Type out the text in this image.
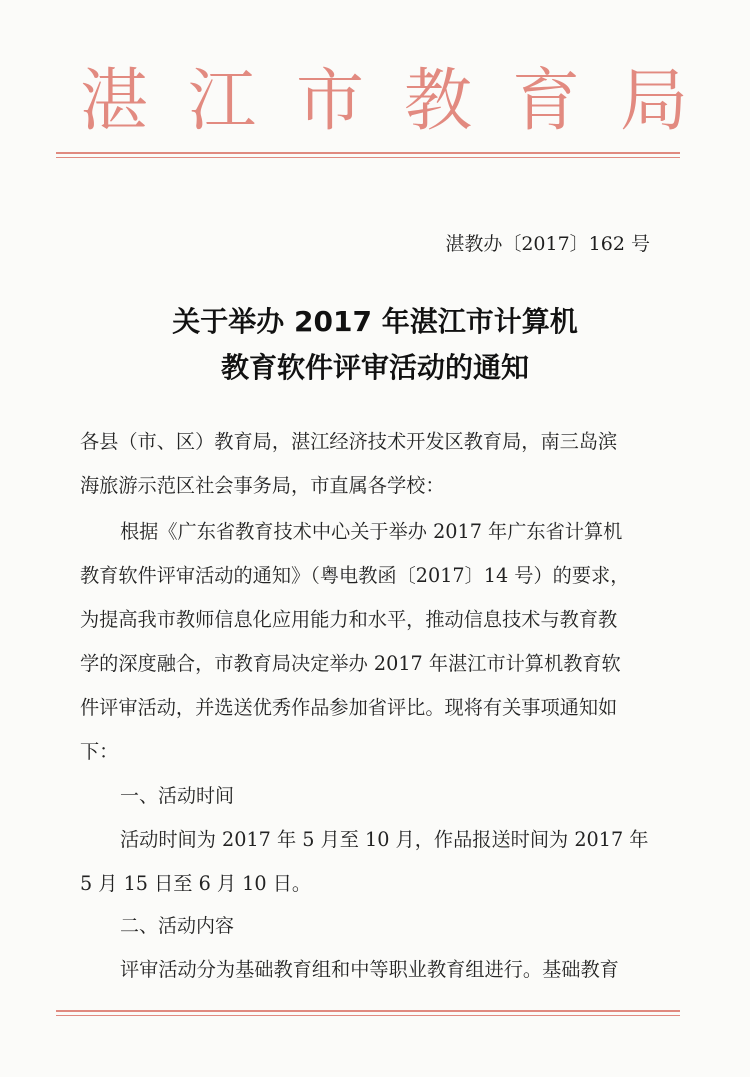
湛 江 市 教 育 局
湛教办〔2017〕162 号
关于举办 2017 年湛江市计算机
教育软件评审活动的通知
各县（市、区）教育局，湛江经济技术开发区教育局，南三岛滨
海旅游示范区社会事务局，市直属各学校：
根据《广东省教育技术中心关于举办 2017 年广东省计算机
教育软件评审活动的通知》（粤电教函〔2017〕14 号）的要求，
为提高我市教师信息化应用能力和水平，推动信息技术与教育教
学的深度融合，市教育局决定举办 2017 年湛江市计算机教育软
件评审活动，并选送优秀作品参加省评比。现将有关事项通知如
下：
一、活动时间
活动时间为 2017 年 5 月至 10 月，作品报送时间为 2017 年
5 月 15 日至 6 月 10 日。
二、活动内容
评审活动分为基础教育组和中等职业教育组进行。基础教育
